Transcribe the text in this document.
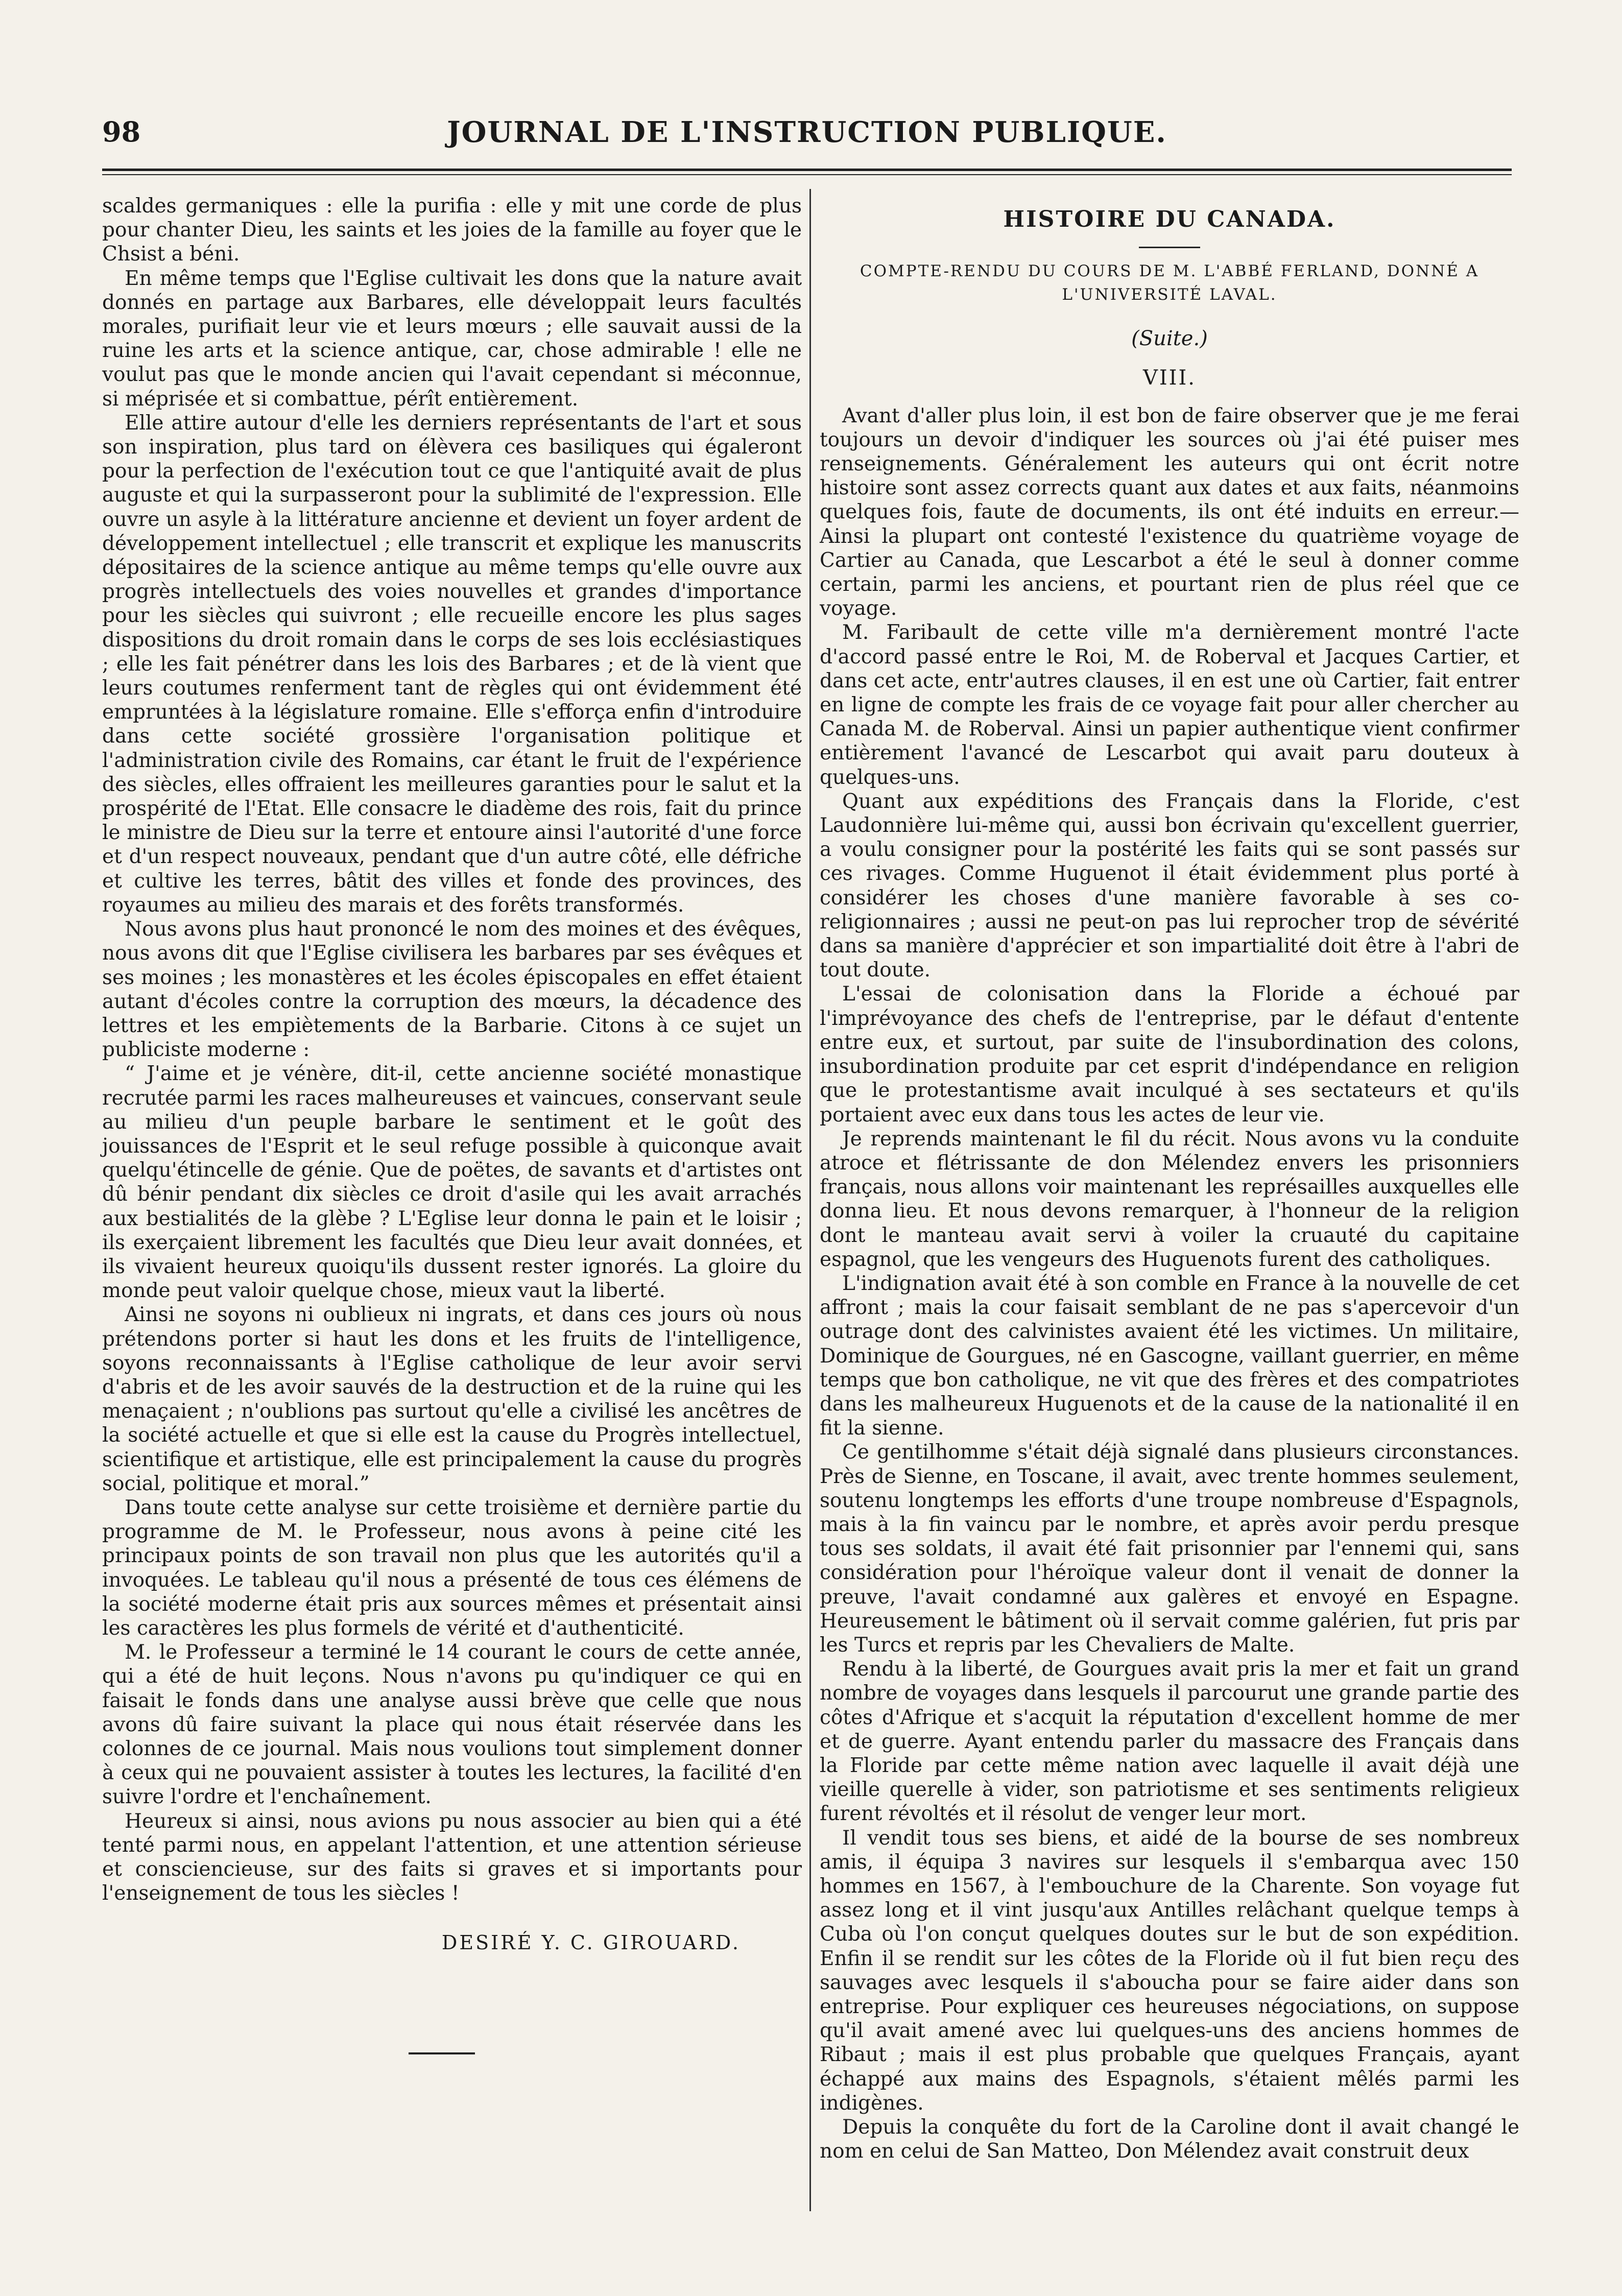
98	JOURNAL DE L'INSTRUCTION PUBLIQUE.

scaldes germaniques : elle la purifia : elle y mit une corde de plus pour chanter Dieu, les saints et les joies de la famille au foyer que le Chsist a béni.

En même temps que l'Eglise cultivait les dons que la nature avait donnés en partage aux Barbares, elle développait leurs facultés morales, purifiait leur vie et leurs mœurs ; elle sauvait aussi de la ruine les arts et la science antique, car, chose admirable ! elle ne voulut pas que le monde ancien qui l'avait cependant si méconnue, si méprisée et si combattue, pérît entièrement.

Elle attire autour d'elle les derniers représentants de l'art et sous son inspiration, plus tard on élèvera ces basiliques qui égaleront pour la perfection de l'exécution tout ce que l'antiquité avait de plus auguste et qui la surpasseront pour la sublimité de l'expression. Elle ouvre un asyle à la littérature ancienne et devient un foyer ardent de développement intellectuel ; elle transcrit et explique les manuscrits dépositaires de la science antique au même temps qu'elle ouvre aux progrès intellectuels des voies nouvelles et grandes d'importance pour les siècles qui suivront ; elle recueille encore les plus sages dispositions du droit romain dans le corps de ses lois ecclésiastiques ; elle les fait pénétrer dans les lois des Barbares ; et de là vient que leurs coutumes renferment tant de règles qui ont évidemment été empruntées à la législature romaine. Elle s'efforça enfin d'introduire dans cette société grossière l'organisation politique et l'administration civile des Romains, car étant le fruit de l'expérience des siècles, elles offraient les meilleures garanties pour le salut et la prospérité de l'Etat. Elle consacre le diadème des rois, fait du prince le ministre de Dieu sur la terre et entoure ainsi l'autorité d'une force et d'un respect nouveaux, pendant que d'un autre côté, elle défriche et cultive les terres, bâtit des villes et fonde des provinces, des royaumes au milieu des marais et des forêts transformés.

Nous avons plus haut prononcé le nom des moines et des évêques, nous avons dit que l'Eglise civilisera les barbares par ses évêques et ses moines ; les monastères et les écoles épiscopales en effet étaient autant d'écoles contre la corruption des mœurs, la décadence des lettres et les empiètements de la Barbarie. Citons à ce sujet un publiciste moderne :

“ J'aime et je vénère, dit-il, cette ancienne société monastique recrutée parmi les races malheureuses et vaincues, conservant seule au milieu d'un peuple barbare le sentiment et le goût des jouissances de l'Esprit et le seul refuge possible à quiconque avait quelqu'étincelle de génie. Que de poëtes, de savants et d'artistes ont dû bénir pendant dix siècles ce droit d'asile qui les avait arrachés aux bestialités de la glèbe ? L'Eglise leur donna le pain et le loisir ; ils exerçaient librement les facultés que Dieu leur avait données, et ils vivaient heureux quoiqu'ils dussent rester ignorés. La gloire du monde peut valoir quelque chose, mieux vaut la liberté.

Ainsi ne soyons ni oublieux ni ingrats, et dans ces jours où nous prétendons porter si haut les dons et les fruits de l'intelligence, soyons reconnaissants à l'Eglise catholique de leur avoir servi d'abris et de les avoir sauvés de la destruction et de la ruine qui les menaçaient ; n'oublions pas surtout qu'elle a civilisé les ancêtres de la société actuelle et que si elle est la cause du Progrès intellectuel, scientifique et artistique, elle est principalement la cause du progrès social, politique et moral.”

Dans toute cette analyse sur cette troisième et dernière partie du programme de M. le Professeur, nous avons à peine cité les principaux points de son travail non plus que les autorités qu'il a invoquées. Le tableau qu'il nous a présenté de tous ces élémens de la société moderne était pris aux sources mêmes et présentait ainsi les caractères les plus formels de vérité et d'authenticité.

M. le Professeur a terminé le 14 courant le cours de cette année, qui a été de huit leçons. Nous n'avons pu qu'indiquer ce qui en faisait le fonds dans une analyse aussi brève que celle que nous avons dû faire suivant la place qui nous était réservée dans les colonnes de ce journal. Mais nous voulions tout simplement donner à ceux qui ne pouvaient assister à toutes les lectures, la facilité d'en suivre l'ordre et l'enchaînement.

Heureux si ainsi, nous avions pu nous associer au bien qui a été tenté parmi nous, en appelant l'attention, et une attention sérieuse et consciencieuse, sur des faits si graves et si importants pour l'enseignement de tous les siècles !

DESIRÉ Y. C. GIROUARD.
HISTOIRE DU CANADA.
COMPTE-RENDU DU COURS DE M. L'ABBÉ FERLAND, DONNÉ A L'UNIVERSITÉ LAVAL.
(Suite.)
VIII.

Avant d'aller plus loin, il est bon de faire observer que je me ferai toujours un devoir d'indiquer les sources où j'ai été puiser mes renseignements. Généralement les auteurs qui ont écrit notre histoire sont assez corrects quant aux dates et aux faits, néanmoins quelques fois, faute de documents, ils ont été induits en erreur.— Ainsi la plupart ont contesté l'existence du quatrième voyage de Cartier au Canada, que Lescarbot a été le seul à donner comme certain, parmi les anciens, et pourtant rien de plus réel que ce voyage.

M. Faribault de cette ville m'a dernièrement montré l'acte d'accord passé entre le Roi, M. de Roberval et Jacques Cartier, et dans cet acte, entr'autres clauses, il en est une où Cartier, fait entrer en ligne de compte les frais de ce voyage fait pour aller chercher au Canada M. de Roberval. Ainsi un papier authentique vient confirmer entièrement l'avancé de Lescarbot qui avait paru douteux à quelques-uns.

Quant aux expéditions des Français dans la Floride, c'est Laudonnière lui-même qui, aussi bon écrivain qu'excellent guerrier, a voulu consigner pour la postérité les faits qui se sont passés sur ces rivages. Comme Huguenot il était évidemment plus porté à considérer les choses d'une manière favorable à ses co-religionnaires ; aussi ne peut-on pas lui reprocher trop de sévérité dans sa manière d'apprécier et son impartialité doit être à l'abri de tout doute.

L'essai de colonisation dans la Floride a échoué par l'imprévoyance des chefs de l'entreprise, par le défaut d'entente entre eux, et surtout, par suite de l'insubordination des colons, insubordination produite par cet esprit d'indépendance en religion que le protestantisme avait inculqué à ses sectateurs et qu'ils portaient avec eux dans tous les actes de leur vie.

Je reprends maintenant le fil du récit. Nous avons vu la conduite atroce et flétrissante de don Mélendez envers les prisonniers français, nous allons voir maintenant les représailles auxquelles elle donna lieu. Et nous devons remarquer, à l'honneur de la religion dont le manteau avait servi à voiler la cruauté du capitaine espagnol, que les vengeurs des Huguenots furent des catholiques.

L'indignation avait été à son comble en France à la nouvelle de cet affront ; mais la cour faisait semblant de ne pas s'apercevoir d'un outrage dont des calvinistes avaient été les victimes. Un militaire, Dominique de Gourgues, né en Gascogne, vaillant guerrier, en même temps que bon catholique, ne vit que des frères et des compatriotes dans les malheureux Huguenots et de la cause de la nationalité il en fit la sienne.

Ce gentilhomme s'était déjà signalé dans plusieurs circonstances. Près de Sienne, en Toscane, il avait, avec trente hommes seulement, soutenu longtemps les efforts d'une troupe nombreuse d'Espagnols, mais à la fin vaincu par le nombre, et après avoir perdu presque tous ses soldats, il avait été fait prisonnier par l'ennemi qui, sans considération pour l'héroïque valeur dont il venait de donner la preuve, l'avait condamné aux galères et envoyé en Espagne. Heureusement le bâtiment où il servait comme galérien, fut pris par les Turcs et repris par les Chevaliers de Malte.

Rendu à la liberté, de Gourgues avait pris la mer et fait un grand nombre de voyages dans lesquels il parcourut une grande partie des côtes d'Afrique et s'acquit la réputation d'excellent homme de mer et de guerre. Ayant entendu parler du massacre des Français dans la Floride par cette même nation avec laquelle il avait déjà une vieille querelle à vider, son patriotisme et ses sentiments religieux furent révoltés et il résolut de venger leur mort.

Il vendit tous ses biens, et aidé de la bourse de ses nombreux amis, il équipa 3 navires sur lesquels il s'embarqua avec 150 hommes en 1567, à l'embouchure de la Charente. Son voyage fut assez long et il vint jusqu'aux Antilles relâchant quelque temps à Cuba où l'on conçut quelques doutes sur le but de son expédition. Enfin il se rendit sur les côtes de la Floride où il fut bien reçu des sauvages avec lesquels il s'aboucha pour se faire aider dans son entreprise. Pour expliquer ces heureuses négociations, on suppose qu'il avait amené avec lui quelques-uns des anciens hommes de Ribaut ; mais il est plus probable que quelques Français, ayant échappé aux mains des Espagnols, s'étaient mêlés parmi les indigènes.

Depuis la conquête du fort de la Caroline dont il avait changé le nom en celui de San Matteo, Don Mélendez avait construit deux
